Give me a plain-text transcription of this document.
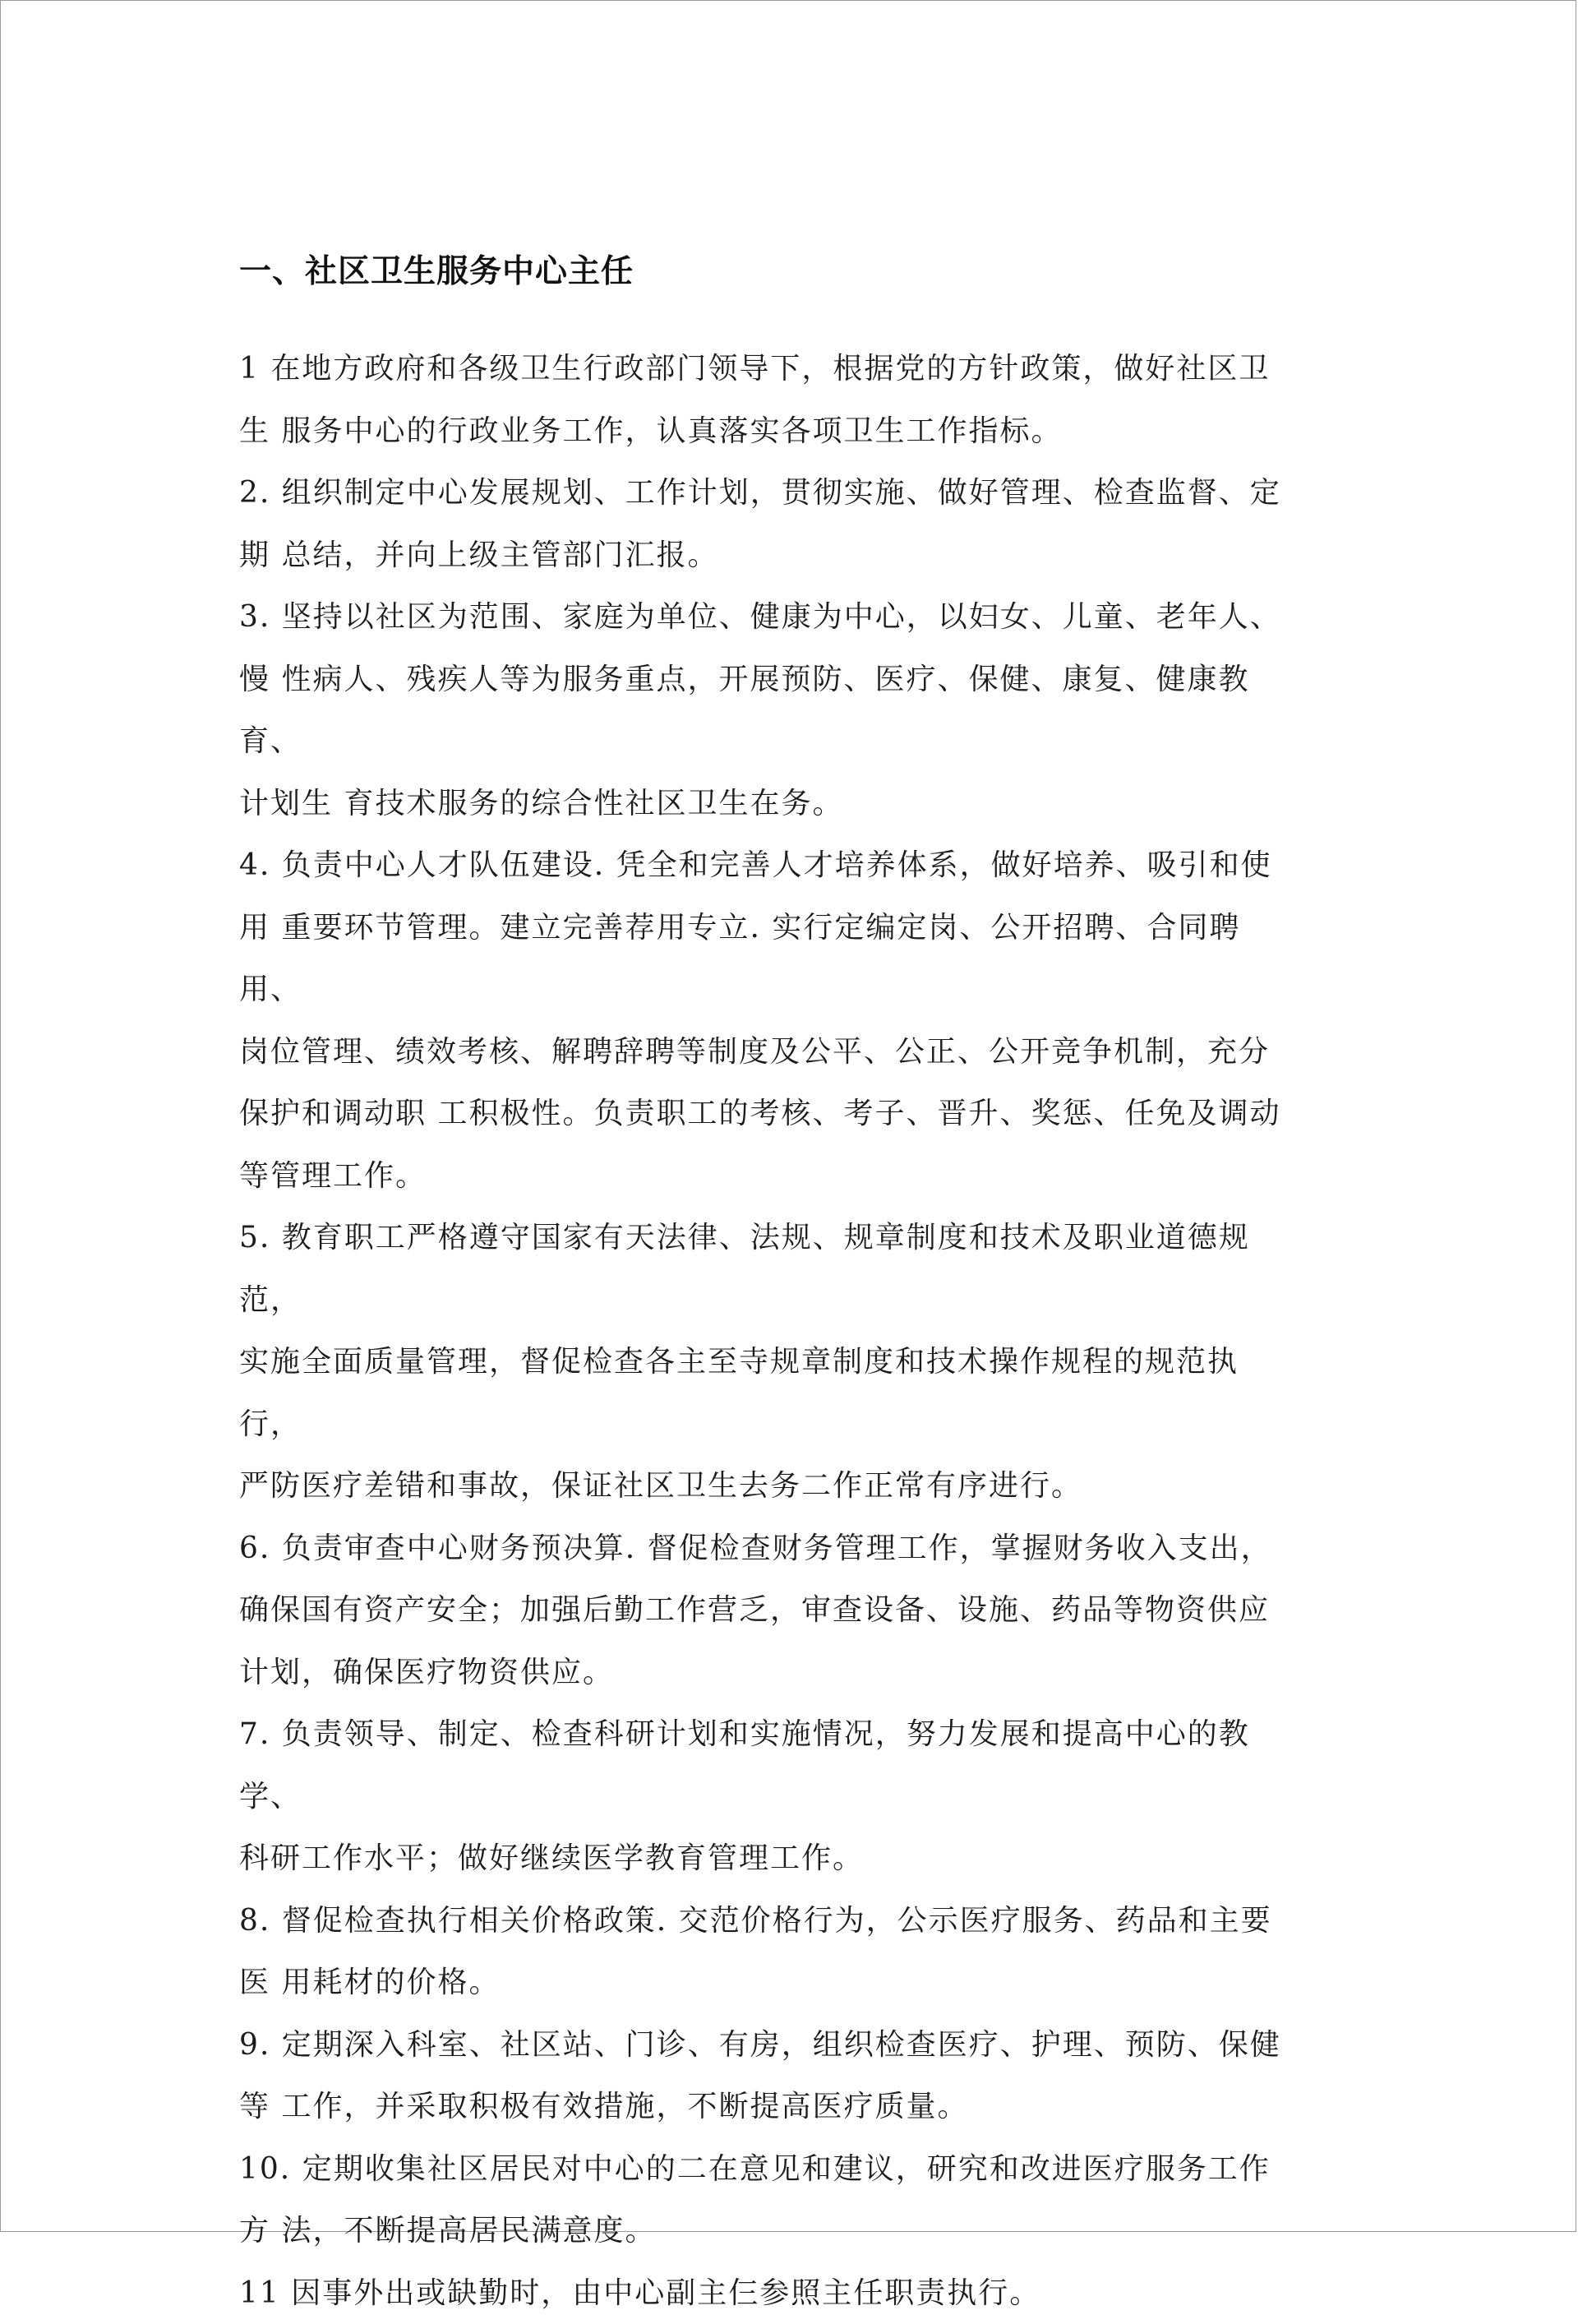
一、社区卫生服务中心主任
1 在地方政府和各级卫生行政部门领导下，根据党的方针政策，做好社区卫
生 服务中心的行政业务工作，认真落实各项卫生工作指标。
2. 组织制定中心发展规划、工作计划，贯彻实施、做好管理、检查监督、定
期 总结，并向上级主管部门汇报。
3. 坚持以社区为范围、家庭为单位、健康为中心，以妇女、儿童、老年人、
慢 性病人、残疾人等为服务重点，开展预防、医疗、保健、康复、健康教育、
计划生 育技术服务的综合性社区卫生在务。
4. 负责中心人才队伍建设. 凭全和完善人才培养体系，做好培养、吸引和使
用 重要环节管理。建立完善荐用专立. 实行定编定岗、公开招聘、合同聘用、
岗位管理、绩效考核、解聘辞聘等制度及公平、公正、公开竞争机制，充分
保护和调动职 工积极性。负责职工的考核、考子、晋升、奖惩、任免及调动
等管理工作。
5. 教育职工严格遵守国家有天法律、法规、规章制度和技术及职业道德规范，
实施全面质量管理，督促检查各主至寺规章制度和技术操作规程的规范执行，
严防医疗差错和事故，保证社区卫生去务二作正常有序进行。
6. 负责审查中心财务预决算. 督促检查财务管理工作，掌握财务收入支出，
确保国有资产安全；加强后勤工作营乏，审查设备、设施、药品等物资供应
计划，确保医疗物资供应。
7. 负责领导、制定、检查科研计划和实施情况，努力发展和提高中心的教学、
科研工作水平；做好继续医学教育管理工作。
8. 督促检查执行相关价格政策. 交范价格行为，公示医疗服务、药品和主要
医 用耗材的价格。
9. 定期深入科室、社区站、门诊、有房，组织检查医疗、护理、预防、保健
等 工作，并采取积极有效措施，不断提高医疗质量。
10. 定期收集社区居民对中心的二在意见和建议，研究和改进医疗服务工作
方 法，不断提高居民满意度。
11 因事外出或缺勤时，由中心副主仨参照主任职责执行。
